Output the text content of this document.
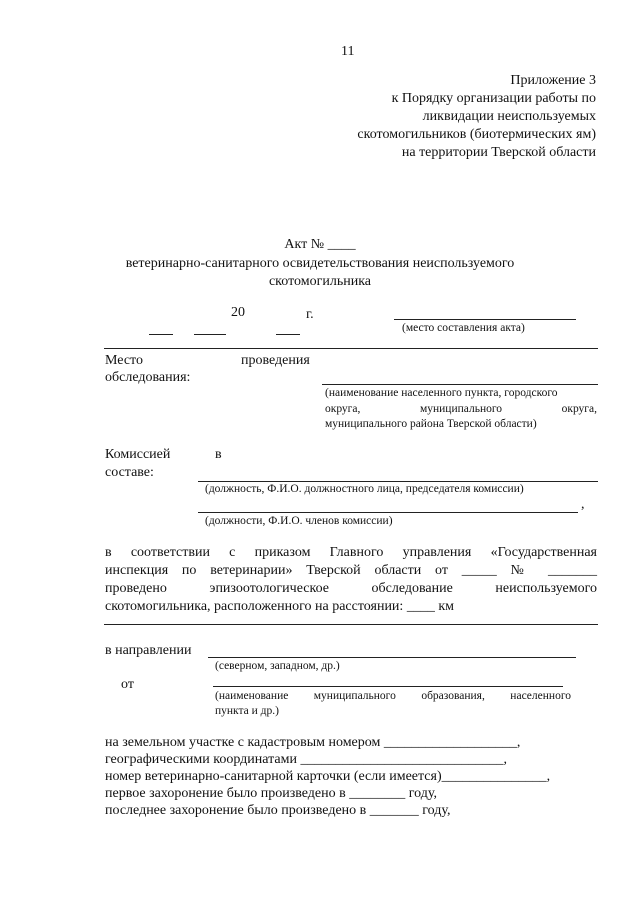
11
Приложение 3
к Порядку организации работы по
ликвидации неиспользуемых
скотомогильников (биотермических ям)
на территории Тверской области
Акт № ____
ветеринарно-санитарного освидетельствования неиспользуемого
скотомогильника
20	г.
(место составления акта)
Место	проведения
обследования:
(наименование населенного пункта, городского
округа, муниципального округа,
муниципального района Тверской области)
Комиссией	в
составе:
(должность, Ф.И.О. должностного лица, председателя комиссии)
,
(должности, Ф.И.О. членов комиссии)
в соответствии с приказом Главного управления «Государственная
инспекция по ветеринарии» Тверской области от _____ № _______
проведено эпизоотологическое обследование неиспользуемого
скотомогильника, расположенного на расстоянии: ____ км
в направлении
(северном, западном, др.)
от
(наименование муниципального образования, населенного
пункта и др.)
на земельном участке с кадастровым номером ___________________,
географическими координатами _____________________________,
номер ветеринарно-санитарной карточки (если имеется)_______________,
первое захоронение было произведено в ________ году,
последнее захоронение было произведено в _______ году,
